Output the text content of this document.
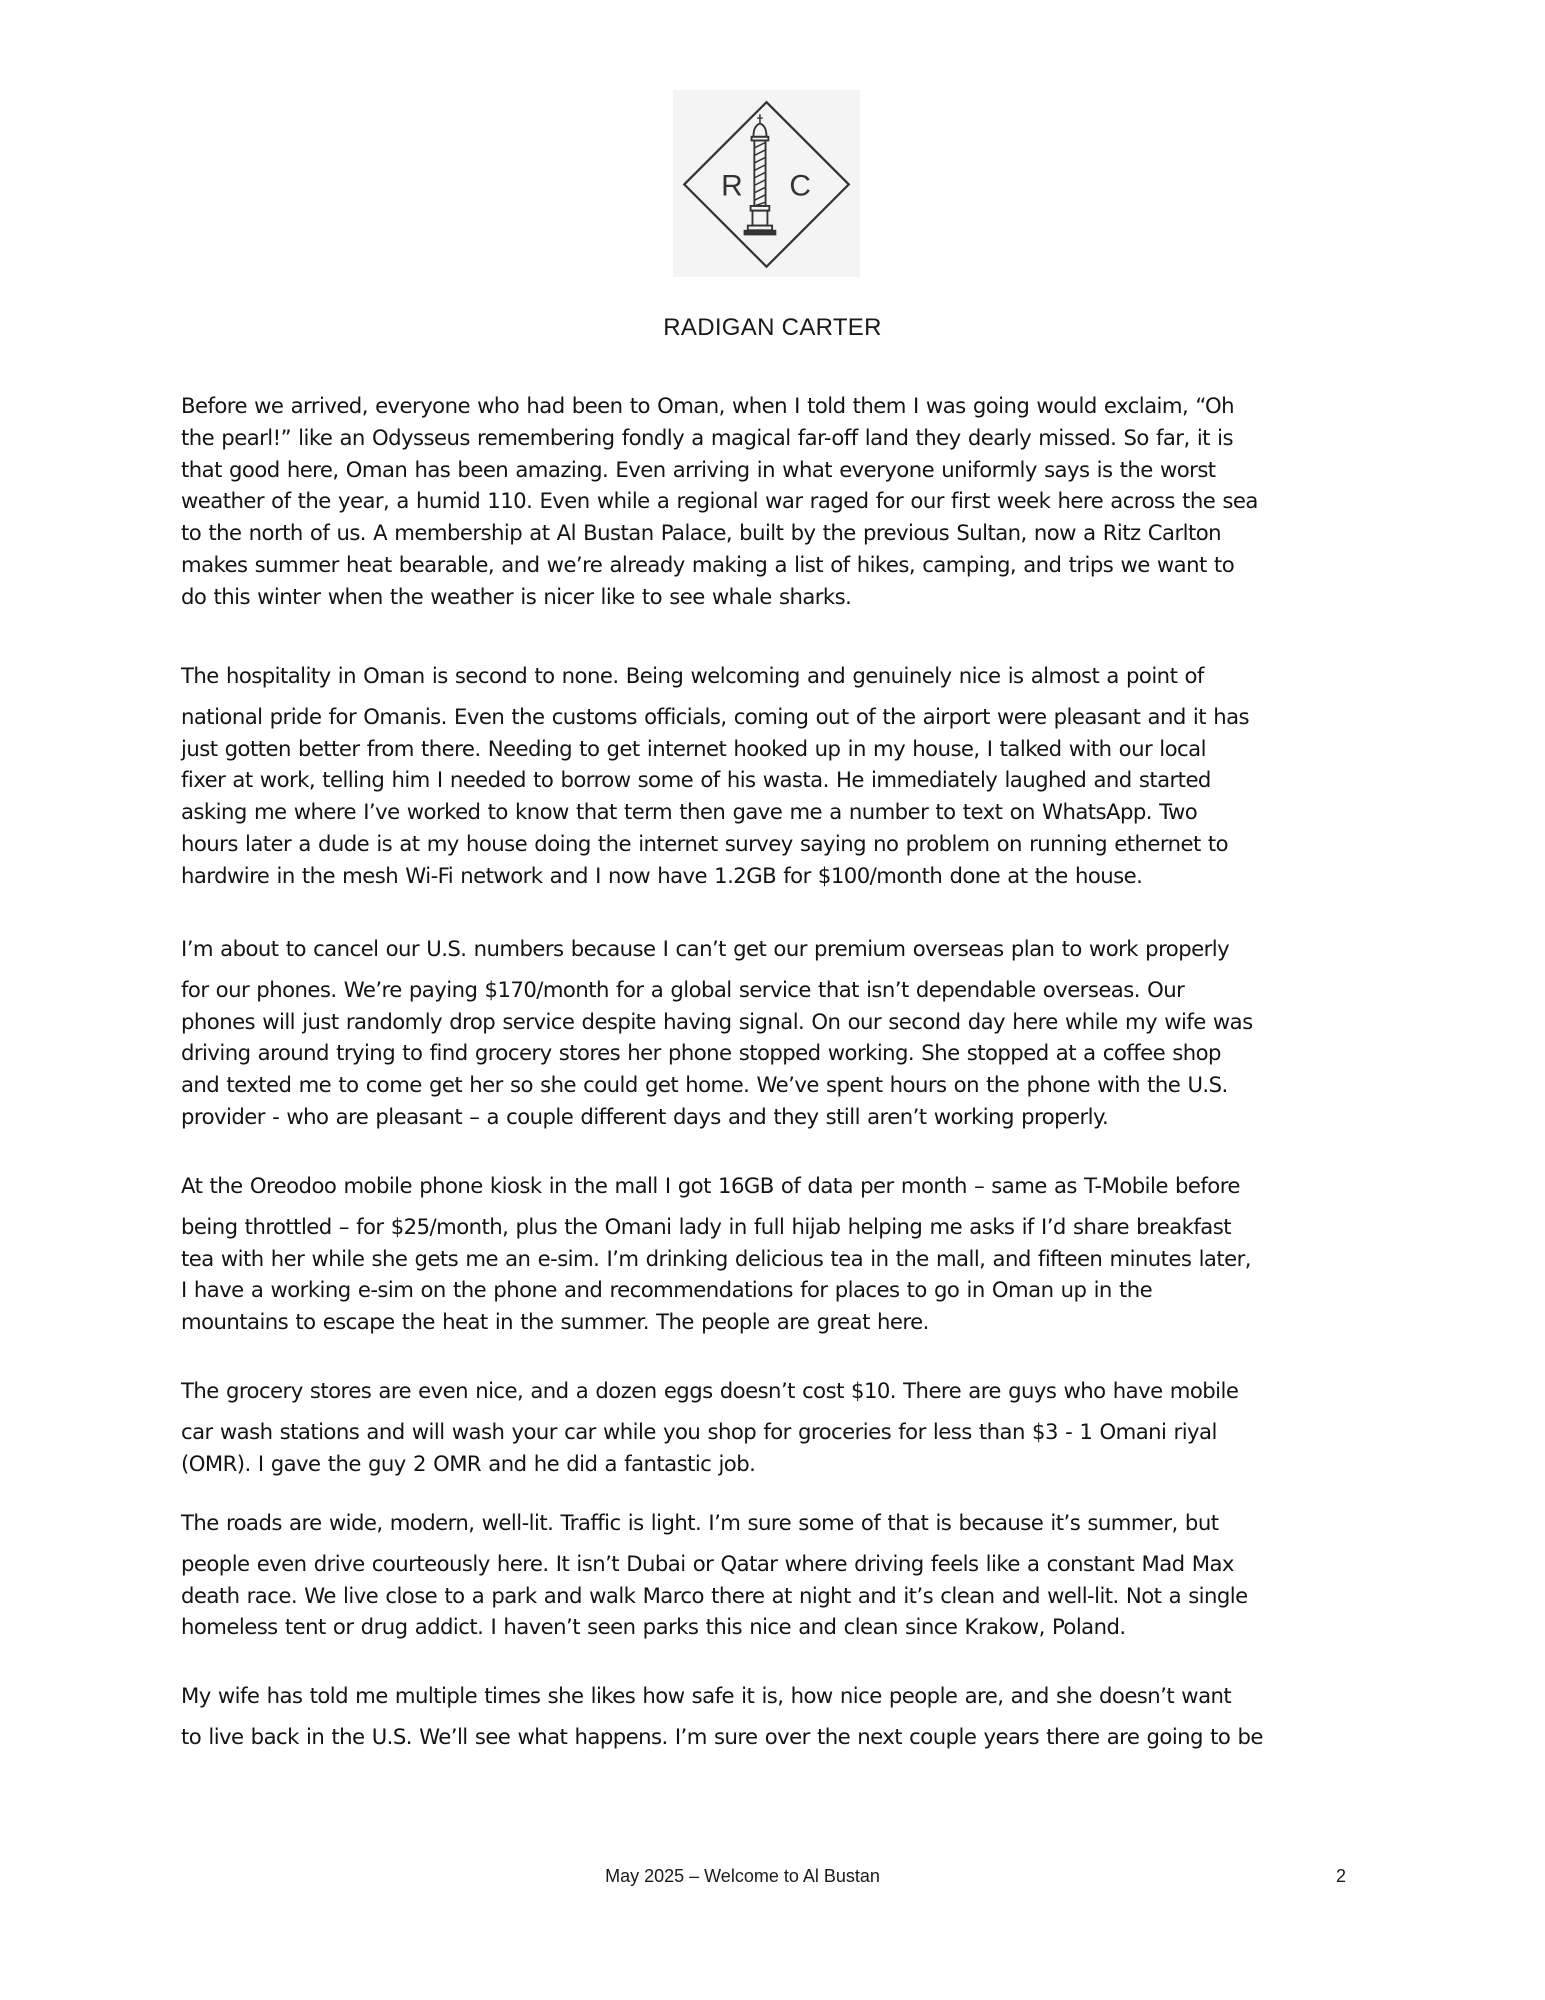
R C
RADIGAN CARTER
Before we arrived, everyone who had been to Oman, when I told them I was going would exclaim, “Oh
the pearl!” like an Odysseus remembering fondly a magical far-off land they dearly missed. So far, it is
that good here, Oman has been amazing. Even arriving in what everyone uniformly says is the worst
weather of the year, a humid 110. Even while a regional war raged for our first week here across the sea
to the north of us. A membership at Al Bustan Palace, built by the previous Sultan, now a Ritz Carlton
makes summer heat bearable, and we’re already making a list of hikes, camping, and trips we want to
do this winter when the weather is nicer like to see whale sharks.
The hospitality in Oman is second to none. Being welcoming and genuinely nice is almost a point of
national pride for Omanis. Even the customs officials, coming out of the airport were pleasant and it has
just gotten better from there. Needing to get internet hooked up in my house, I talked with our local
fixer at work, telling him I needed to borrow some of his wasta. He immediately laughed and started
asking me where I’ve worked to know that term then gave me a number to text on WhatsApp. Two
hours later a dude is at my house doing the internet survey saying no problem on running ethernet to
hardwire in the mesh Wi-Fi network and I now have 1.2GB for $100/month done at the house.
I’m about to cancel our U.S. numbers because I can’t get our premium overseas plan to work properly
for our phones. We’re paying $170/month for a global service that isn’t dependable overseas. Our
phones will just randomly drop service despite having signal. On our second day here while my wife was
driving around trying to find grocery stores her phone stopped working. She stopped at a coffee shop
and texted me to come get her so she could get home. We’ve spent hours on the phone with the U.S.
provider - who are pleasant – a couple different days and they still aren’t working properly.
At the Oreodoo mobile phone kiosk in the mall I got 16GB of data per month – same as T-Mobile before
being throttled – for $25/month, plus the Omani lady in full hijab helping me asks if I’d share breakfast
tea with her while she gets me an e-sim. I’m drinking delicious tea in the mall, and fifteen minutes later,
I have a working e-sim on the phone and recommendations for places to go in Oman up in the
mountains to escape the heat in the summer. The people are great here.
The grocery stores are even nice, and a dozen eggs doesn’t cost $10. There are guys who have mobile
car wash stations and will wash your car while you shop for groceries for less than $3 - 1 Omani riyal
(OMR). I gave the guy 2 OMR and he did a fantastic job.
The roads are wide, modern, well-lit. Traffic is light. I’m sure some of that is because it’s summer, but
people even drive courteously here. It isn’t Dubai or Qatar where driving feels like a constant Mad Max
death race. We live close to a park and walk Marco there at night and it’s clean and well-lit. Not a single
homeless tent or drug addict. I haven’t seen parks this nice and clean since Krakow, Poland.
My wife has told me multiple times she likes how safe it is, how nice people are, and she doesn’t want
to live back in the U.S. We’ll see what happens. I’m sure over the next couple years there are going to be
May 2025 – Welcome to Al Bustan	2
